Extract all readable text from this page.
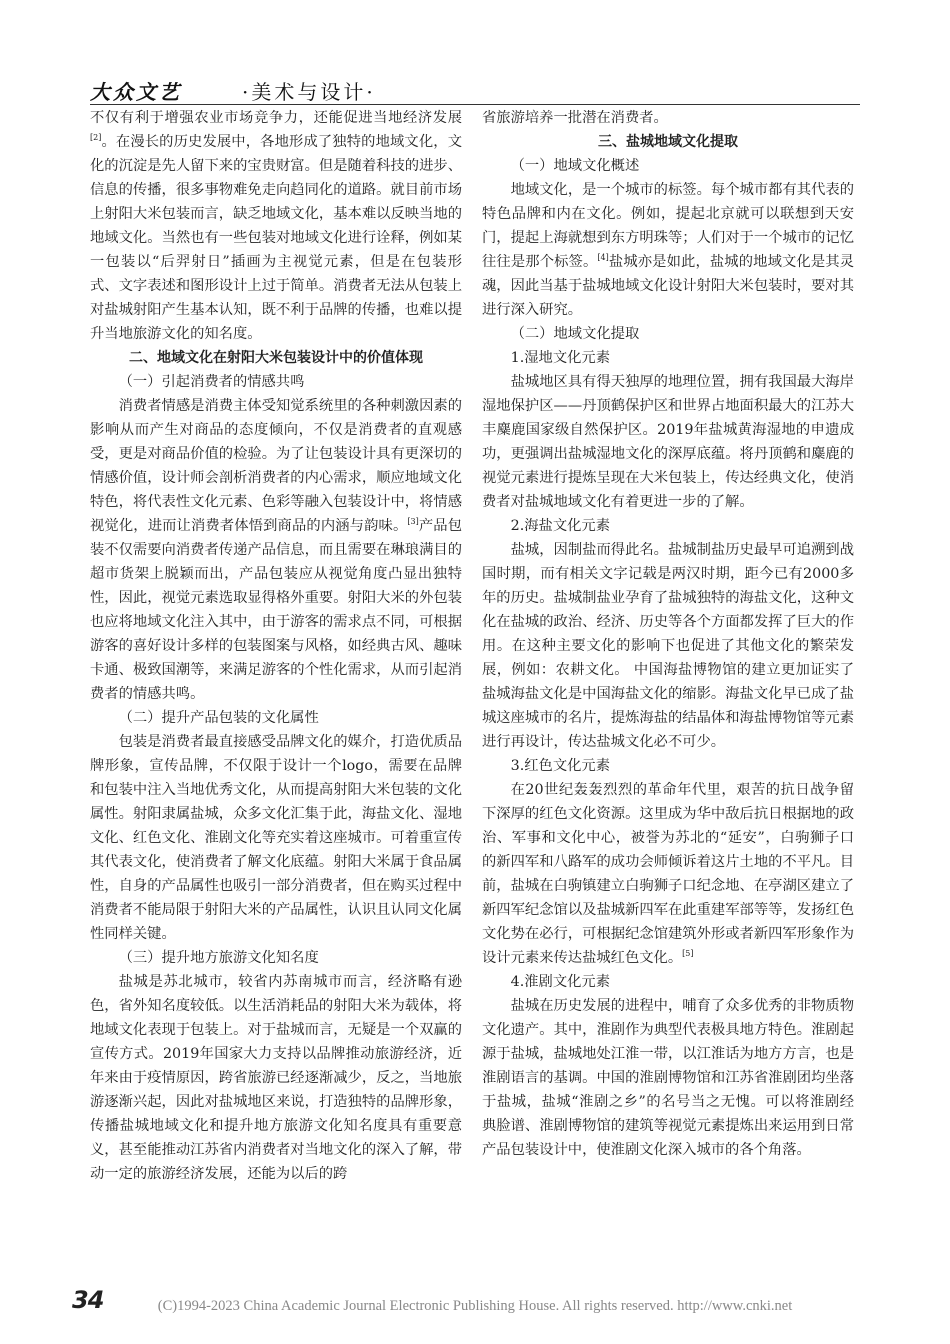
大众文艺	·美术与设计·

不仅有利于增强农业市场竞争力，还能促进当地经济发展[2]。在漫长的历史发展中，各地形成了独特的地域文化，文化的沉淀是先人留下来的宝贵财富。但是随着科技的进步、信息的传播，很多事物难免走向趋同化的道路。就目前市场上射阳大米包装而言，缺乏地域文化，基本难以反映当地的地域文化。当然也有一些包装对地域文化进行诠释，例如某一包装以“后羿射日”插画为主视觉元素，但是在包装形式、文字表述和图形设计上过于简单。消费者无法从包装上对盐城射阳产生基本认知，既不利于品牌的传播，也难以提升当地旅游文化的知名度。

二、地域文化在射阳大米包装设计中的价值体现

（一）引起消费者的情感共鸣

消费者情感是消费主体受知觉系统里的各种刺激因素的影响从而产生对商品的态度倾向，不仅是消费者的直观感受，更是对商品价值的检验。为了让包装设计具有更深切的情感价值，设计师会剖析消费者的内心需求，顺应地域文化特色，将代表性文化元素、色彩等融入包装设计中，将情感视觉化，进而让消费者体悟到商品的内涵与韵味。[3]产品包装不仅需要向消费者传递产品信息，而且需要在琳琅满目的超市货架上脱颖而出，产品包装应从视觉角度凸显出独特性，因此，视觉元素选取显得格外重要。射阳大米的外包装也应将地域文化注入其中，由于游客的需求点不同，可根据游客的喜好设计多样的包装图案与风格，如经典古风、趣味卡通、极致国潮等，来满足游客的个性化需求，从而引起消费者的情感共鸣。

（二）提升产品包装的文化属性

包装是消费者最直接感受品牌文化的媒介，打造优质品牌形象，宣传品牌，不仅限于设计一个logo，需要在品牌和包装中注入当地优秀文化，从而提高射阳大米包装的文化属性。射阳隶属盐城，众多文化汇集于此，海盐文化、湿地文化、红色文化、淮剧文化等充实着这座城市。可着重宣传其代表文化，使消费者了解文化底蕴。射阳大米属于食品属性，自身的产品属性也吸引一部分消费者，但在购买过程中消费者不能局限于射阳大米的产品属性，认识且认同文化属性同样关键。

（三）提升地方旅游文化知名度

盐城是苏北城市，较省内苏南城市而言，经济略有逊色，省外知名度较低。以生活消耗品的射阳大米为载体，将地域文化表现于包装上。对于盐城而言，无疑是一个双赢的宣传方式。2019年国家大力支持以品牌推动旅游经济，近年来由于疫情原因，跨省旅游已经逐渐减少，反之，当地旅游逐渐兴起，因此对盐城地区来说，打造独特的品牌形象，传播盐城地域文化和提升地方旅游文化知名度具有重要意义，甚至能推动江苏省内消费者对当地文化的深入了解，带动一定的旅游经济发展，还能为以后的跨

省旅游培养一批潜在消费者。

三、盐城地域文化提取

（一）地域文化概述

地域文化，是一个城市的标签。每个城市都有其代表的特色品牌和内在文化。例如，提起北京就可以联想到天安门，提起上海就想到东方明珠等；人们对于一个城市的记忆往往是那个标签。[4]盐城亦是如此，盐城的地域文化是其灵魂，因此当基于盐城地域文化设计射阳大米包装时，要对其进行深入研究。

（二）地域文化提取

1.湿地文化元素

盐城地区具有得天独厚的地理位置，拥有我国最大海岸湿地保护区——丹顶鹤保护区和世界占地面积最大的江苏大丰麋鹿国家级自然保护区。2019年盐城黄海湿地的申遗成功，更强调出盐城湿地文化的深厚底蕴。将丹顶鹤和麋鹿的视觉元素进行提炼呈现在大米包装上，传达经典文化，使消费者对盐城地域文化有着更进一步的了解。

2.海盐文化元素

盐城，因制盐而得此名。盐城制盐历史最早可追溯到战国时期，而有相关文字记载是两汉时期，距今已有2000多年的历史。盐城制盐业孕育了盐城独特的海盐文化，这种文化在盐城的政治、经济、历史等各个方面都发挥了巨大的作用。在这种主要文化的影响下也促进了其他文化的繁荣发展，例如：农耕文化。 中国海盐博物馆的建立更加证实了盐城海盐文化是中国海盐文化的缩影。海盐文化早已成了盐城这座城市的名片，提炼海盐的结晶体和海盐博物馆等元素进行再设计，传达盐城文化必不可少。

3.红色文化元素

在20世纪轰轰烈烈的革命年代里，艰苦的抗日战争留下深厚的红色文化资源。这里成为华中敌后抗日根据地的政治、军事和文化中心，被誉为苏北的“延安”，白驹狮子口的新四军和八路军的成功会师倾诉着这片土地的不平凡。目前，盐城在白驹镇建立白驹狮子口纪念地、在亭湖区建立了新四军纪念馆以及盐城新四军在此重建军部等等，发扬红色文化势在必行，可根据纪念馆建筑外形或者新四军形象作为设计元素来传达盐城红色文化。[5]

4.淮剧文化元素

盐城在历史发展的进程中，哺育了众多优秀的非物质物文化遗产。其中，淮剧作为典型代表极具地方特色。淮剧起源于盐城，盐城地处江淮一带，以江淮话为地方方言，也是淮剧语言的基调。中国的淮剧博物馆和江苏省淮剧团均坐落于盐城，盐城“淮剧之乡”的名号当之无愧。可以将淮剧经典脸谱、淮剧博物馆的建筑等视觉元素提炼出来运用到日常产品包装设计中，使淮剧文化深入城市的各个角落。

34	(C)1994-2023 China Academic Journal Electronic Publishing House. All rights reserved. http://www.cnki.net
